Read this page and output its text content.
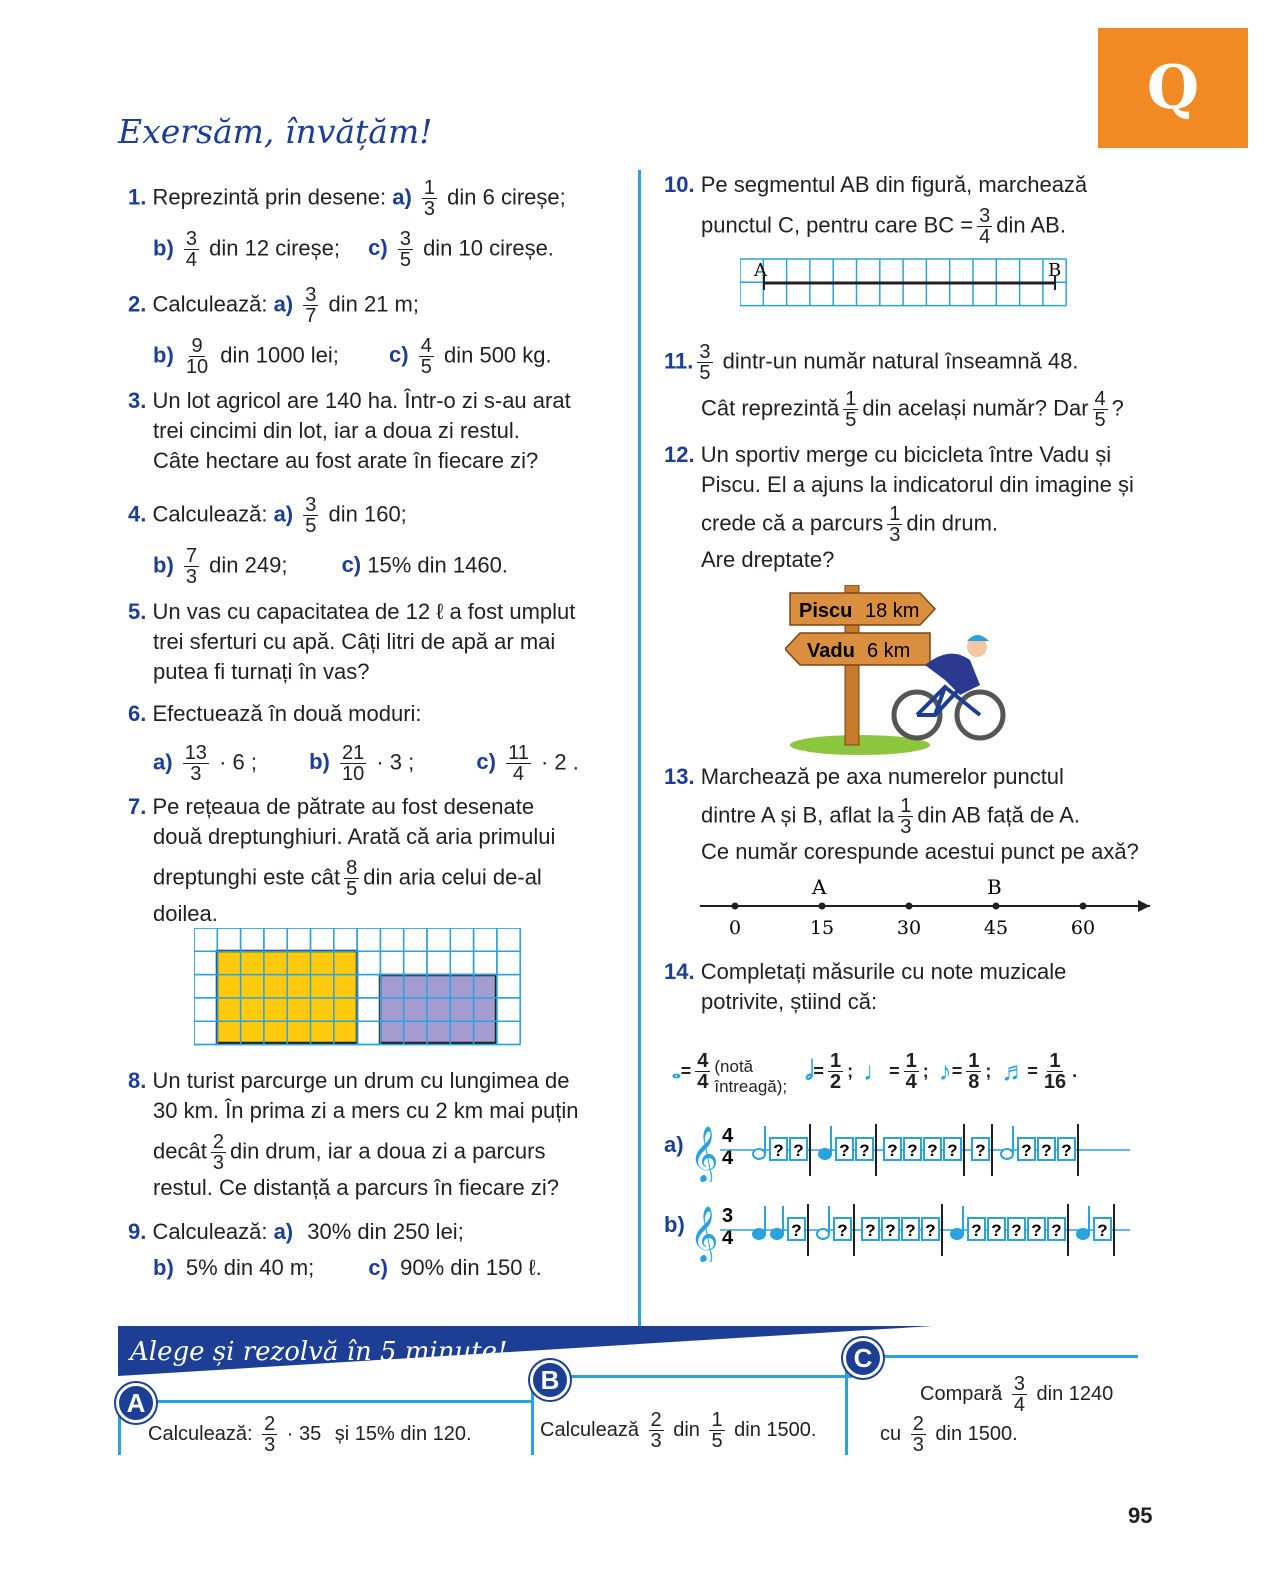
Q
Exersăm, învățăm!
1. Reprezintă prin desene: $a) \frac{1}{3}$ din 6 cireșe;
$b) \frac{3}{4}$ din 12 cireșe; $c) \frac{3}{5}$ din 10 cireșe.
2. Calculează: $a) \frac{3}{7}$ din 21 m;
$b) \frac{9}{10}$ din 1000 lei; $c) \frac{4}{5}$ din 500 kg.
3. Un lot agricol are 140 ha. Într-o zi s-au arat
trei cincimi din lot, iar a doua zi restul.
Câte hectare au fost arate în fiecare zi?
4. Calculează: $a) \frac{3}{5}$ din 160;
$b) \frac{7}{3}$ din 249; c) 15% din 1460.
5. Un vas cu capacitatea de 12 ℓ a fost umplut
trei sferturi cu apă. Câți litri de apă ar mai
putea fi turnați în vas?
6. Efectuează în două moduri:
$a) \frac{13}{3} \cdot 6$ ; $b) \frac{21}{10} \cdot 3$ ;	$c) \frac{11}{4} \cdot 2$ .
7. Pe rețeaua de pătrate au fost desenate
două dreptunghiuri. Arată că aria primului
dreptunghi este cât $\frac{8}{5}$ din aria celui de-al
doilea.
8. Un turist parcurge un drum cu lungimea de
30 km. În prima zi a mers cu 2 km mai puțin
decât $\frac{2}{3}$ din drum, iar a doua zi a parcurs
restul. Ce distanță a parcurs în fiecare zi?
9. Calculează: a) 30% din 250 lei;
b) 5% din 40 m; c) 90% din 150 ℓ.
10. Pe segmentul AB din figură, marchează
punctul C, pentru care BC = $\frac{3}{4}$ din AB.
A	B
11. $\frac{3}{5}$ dintr-un număr natural înseamnă 48.
Cât reprezintă $\frac{1}{5}$ din același număr? Dar $\frac{4}{5}$ ?
12. Un sportiv merge cu bicicleta între Vadu și
Piscu. El a ajuns la indicatorul din imagine și
crede că a parcurs $\frac{1}{3}$ din drum.
Are dreptate?
Piscu 18 km
Vadu 6 km
13. Marchează pe axa numerelor punctul
dintre A și B, aflat la $\frac{1}{3}$ din AB față de A.
Ce număr corespunde acestui punct pe axă?
0	15	30	45	60
A	B
14. Completați măsurile cu note muzicale
potrivite, știind că:
𝅝 = $\frac{4}{4}$ (notă
întreagă);
𝅗𝅥 = $\frac{1}{2}$ ; ♩ = $\frac{1}{4}$ ; ♪ = $\frac{1}{8}$ ; ♬ = $\frac{1}{16}$ .
a) 𝄞 4
4 ? ? ? ? ? ? ? ? ? ? ? ?
b) 𝄞 3
4	? ? ? ? ? ? ? ? ? ? ? ?
Alege și rezolvă în 5 minute!
A
Calculează: $\frac{2}{3} \cdot 35$ și 15% din 120.
B
Calculează $\frac{2}{3}$ din $\frac{1}{5}$ din 1500.
C
Compară $\frac{3}{4}$ din 1240
cu $\frac{2}{3}$ din 1500.
95
